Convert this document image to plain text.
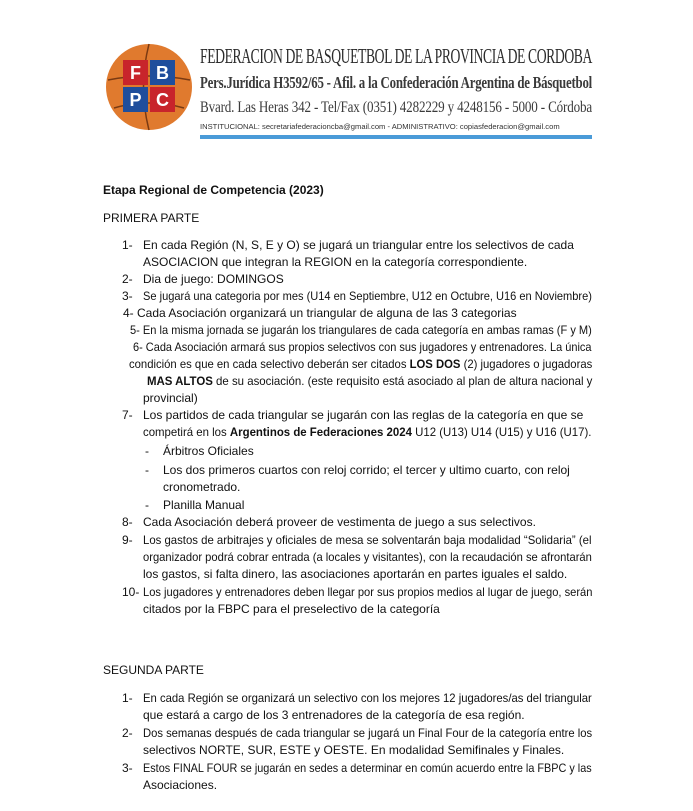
F B
P C
FEDERACION DE BASQUETBOL DE LA PROVINCIA DE CORDOBA
Pers.Jurídica H3592/65 - Afil. a la Confederación Argentina de Básquetbol
Bvard. Las Heras 342 - Tel/Fax (0351) 4282229 y 4248156 - 5000 - Córdoba
INSTITUCIONAL: secretariafederacioncba@gmail.com - ADMINISTRATIVO: copiasfederacion@gmail.com
Etapa Regional de Competencia (2023)
PRIMERA PARTE
1- En cada Región (N, S, E y O) se jugará un triangular entre los selectivos de cada
ASOCIACION que integran la REGION en la categoría correspondiente.
2- Dia de juego: DOMINGOS
3- Se jugará una categoria por mes (U14 en Septiembre, U12 en Octubre, U16 en Noviembre)
4- Cada Asociación organizará un triangular de alguna de las 3 categorias
5- En la misma jornada se jugarán los triangulares de cada categoría en ambas ramas (F y M)
6- Cada Asociación armará sus propios selectivos con sus jugadores y entrenadores. La única
condición es que en cada selectivo deberán ser citados LOS DOS (2) jugadores o jugadoras
MAS ALTOS de su asociación. (este requisito está asociado al plan de altura nacional y
provincial)
7- Los partidos de cada triangular se jugarán con las reglas de la categoría en que se
competirá en los Argentinos de Federaciones 2024 U12 (U13) U14 (U15) y U16 (U17).
- Árbitros Oficiales
- Los dos primeros cuartos con reloj corrido; el tercer y ultimo cuarto, con reloj
cronometrado.
- Planilla Manual
8- Cada Asociación deberá proveer de vestimenta de juego a sus selectivos.
9- Los gastos de arbitrajes y oficiales de mesa se solventarán baja modalidad “Solidaria” (el
organizador podrá cobrar entrada (a locales y visitantes), con la recaudación se afrontarán
los gastos, si falta dinero, las asociaciones aportarán en partes iguales el saldo.
10- Los jugadores y entrenadores deben llegar por sus propios medios al lugar de juego, serán
citados por la FBPC para el preselectivo de la categoría
SEGUNDA PARTE
1- En cada Región se organizará un selectivo con los mejores 12 jugadores/as del triangular
que estará a cargo de los 3 entrenadores de la categoría de esa región.
2- Dos semanas después de cada triangular se jugará un Final Four de la categoría entre los
selectivos NORTE, SUR, ESTE y OESTE. En modalidad Semifinales y Finales.
3- Estos FINAL FOUR se jugarán en sedes a determinar en común acuerdo entre la FBPC y las
Asociaciones.
